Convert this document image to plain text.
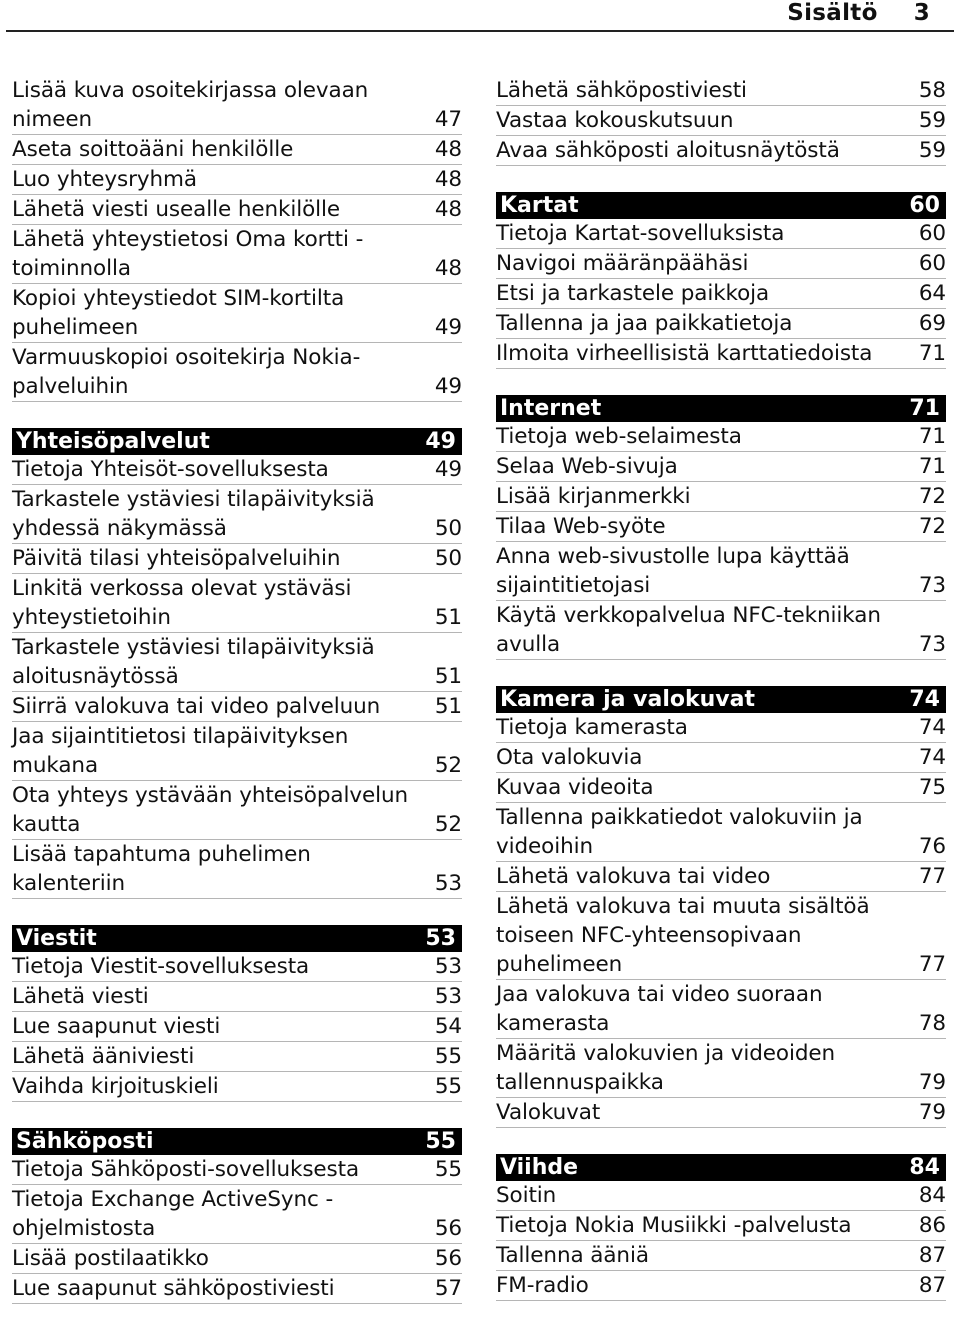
Sisältö 3
Lisää kuva osoitekirjassa olevaan
nimeen	47
Aseta soittoääni henkilölle	48
Luo yhteysryhmä	48
Lähetä viesti usealle henkilölle	48
Lähetä yhteystietosi Oma kortti -
toiminnolla	48
Kopioi yhteystiedot SIM-kortilta
puhelimeen	49
Varmuuskopioi osoitekirja Nokia-
palveluihin	49
Yhteisöpalvelut	49
Tietoja Yhteisöt-sovelluksesta	49
Tarkastele ystäviesi tilapäivityksiä
yhdessä näkymässä	50
Päivitä tilasi yhteisöpalveluihin	50
Linkitä verkossa olevat ystäväsi
yhteystietoihin	51
Tarkastele ystäviesi tilapäivityksiä
aloitusnäytössä	51
Siirrä valokuva tai video palveluun	51
Jaa sijaintitietosi tilapäivityksen
mukana	52
Ota yhteys ystävään yhteisöpalvelun
kautta	52
Lisää tapahtuma puhelimen
kalenteriin	53
Viestit	53
Tietoja Viestit-sovelluksesta	53
Lähetä viesti	53
Lue saapunut viesti	54
Lähetä ääniviesti	55
Vaihda kirjoituskieli	55
Sähköposti	55
Tietoja Sähköposti-sovelluksesta	55
Tietoja Exchange ActiveSync -
ohjelmistosta	56
Lisää postilaatikko	56
Lue saapunut sähköpostiviesti	57
Lähetä sähköpostiviesti	58
Vastaa kokouskutsuun	59
Avaa sähköposti aloitusnäytöstä	59
Kartat	60
Tietoja Kartat-sovelluksista	60
Navigoi määränpäähäsi	60
Etsi ja tarkastele paikkoja	64
Tallenna ja jaa paikkatietoja	69
Ilmoita virheellisistä karttatiedoista	71
Internet	71
Tietoja web-selaimesta	71
Selaa Web-sivuja	71
Lisää kirjanmerkki	72
Tilaa Web-syöte	72
Anna web-sivustolle lupa käyttää
sijaintitietojasi	73
Käytä verkkopalvelua NFC-tekniikan
avulla	73
Kamera ja valokuvat	74
Tietoja kamerasta	74
Ota valokuvia	74
Kuvaa videoita	75
Tallenna paikkatiedot valokuviin ja
videoihin	76
Lähetä valokuva tai video	77
Lähetä valokuva tai muuta sisältöä
toiseen NFC-yhteensopivaan
puhelimeen	77
Jaa valokuva tai video suoraan
kamerasta	78
Määritä valokuvien ja videoiden
tallennuspaikka	79
Valokuvat	79
Viihde	84
Soitin	84
Tietoja Nokia Musiikki -palvelusta	86
Tallenna ääniä	87
FM-radio	87
